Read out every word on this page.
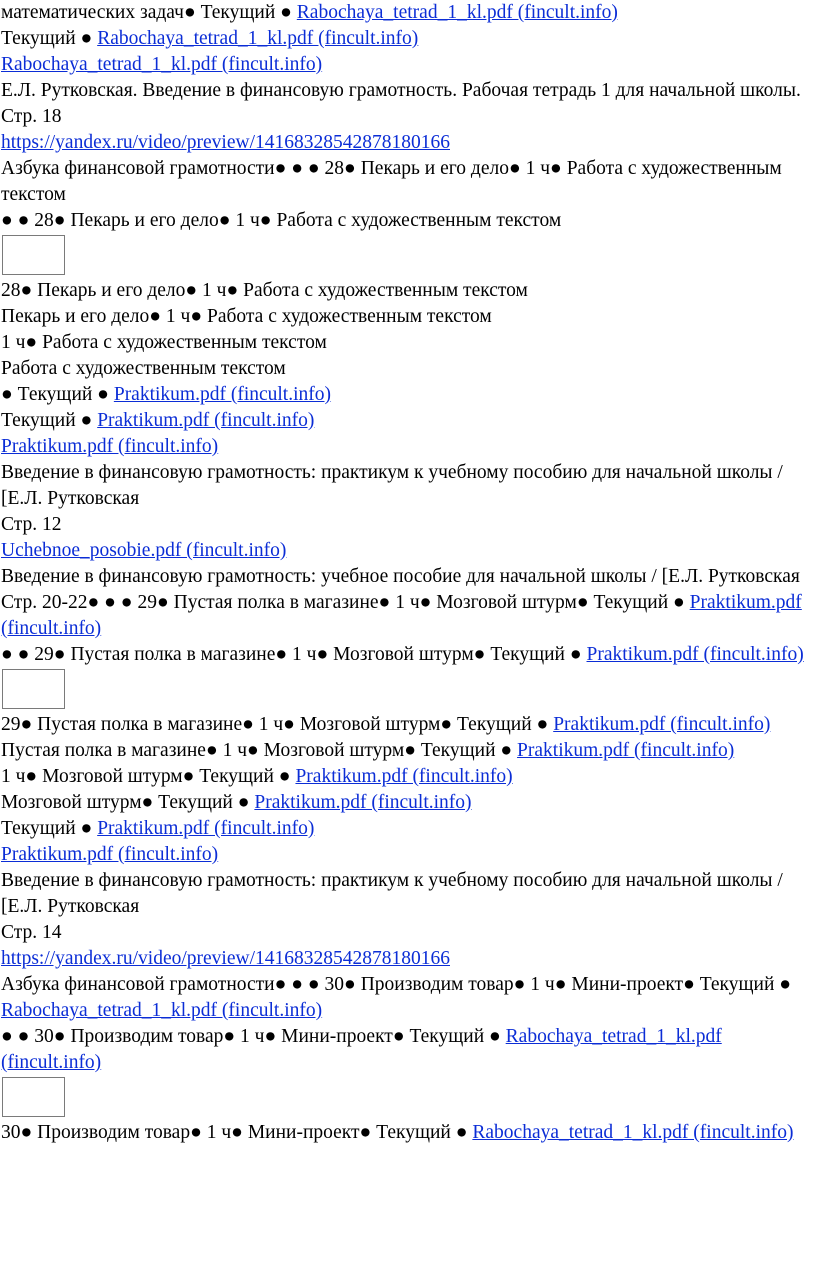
математических задач● Текущий ● Rabochaya_tetrad_1_kl.pdf (fincult.info)
Текущий ● Rabochaya_tetrad_1_kl.pdf (fincult.info)
Rabochaya_tetrad_1_kl.pdf (fincult.info)
Е.Л. Рутковская. Введение в финансовую грамотность. Рабочая тетрадь 1 для начальной школы.
Стр. 18
https://yandex.ru/video/preview/14168328542878180166
Азбука финансовой грамотности● ● ● 28● Пекарь и его дело● 1 ч● Работа с художественным текстом
● ● 28● Пекарь и его дело● 1 ч● Работа с художественным текстом
28● Пекарь и его дело● 1 ч● Работа с художественным текстом
Пекарь и его дело● 1 ч● Работа с художественным текстом
1 ч● Работа с художественным текстом
Работа с художественным текстом
● Текущий ● Praktikum.pdf (fincult.info)
Текущий ● Praktikum.pdf (fincult.info)
Praktikum.pdf (fincult.info)
Введение в финансовую грамотность: практикум к учебному пособию для начальной школы / [Е.Л. Рутковская
Стр. 12
Uchebnoe_posobie.pdf (fincult.info)
Введение в финансовую грамотность: учебное пособие для начальной школы / [Е.Л. Рутковская
Стр. 20-22● ● ● 29● Пустая полка в магазине● 1 ч● Мозговой штурм● Текущий ● Praktikum.pdf (fincult.info)
● ● 29● Пустая полка в магазине● 1 ч● Мозговой штурм● Текущий ● Praktikum.pdf (fincult.info)
29● Пустая полка в магазине● 1 ч● Мозговой штурм● Текущий ● Praktikum.pdf (fincult.info)
Пустая полка в магазине● 1 ч● Мозговой штурм● Текущий ● Praktikum.pdf (fincult.info)
1 ч● Мозговой штурм● Текущий ● Praktikum.pdf (fincult.info)
Мозговой штурм● Текущий ● Praktikum.pdf (fincult.info)
Текущий ● Praktikum.pdf (fincult.info)
Praktikum.pdf (fincult.info)
Введение в финансовую грамотность: практикум к учебному пособию для начальной школы / [Е.Л. Рутковская
Стр. 14
https://yandex.ru/video/preview/14168328542878180166
Азбука финансовой грамотности● ● ● 30● Производим товар● 1 ч● Мини-проект● Текущий ● Rabochaya_tetrad_1_kl.pdf (fincult.info)
● ● 30● Производим товар● 1 ч● Мини-проект● Текущий ● Rabochaya_tetrad_1_kl.pdf (fincult.info)
30● Производим товар● 1 ч● Мини-проект● Текущий ● Rabochaya_tetrad_1_kl.pdf (fincult.info)
